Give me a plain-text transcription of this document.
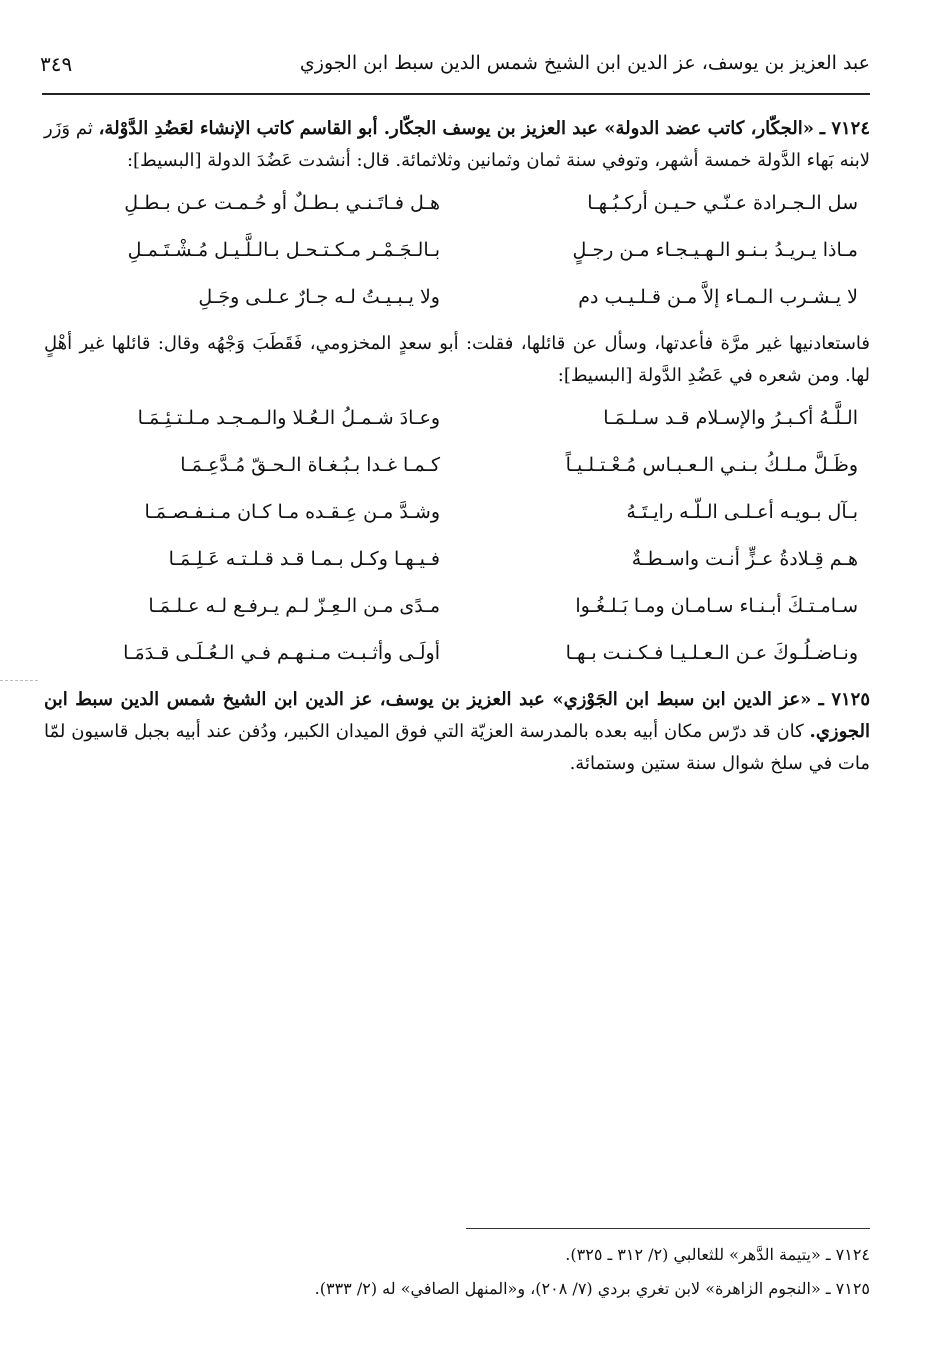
عبد العزيز بن يوسف، عز الدين ابن الشيخ شمس الدين سبط ابن الجوزي
٣٤٩

٧١٢٤ ـ «الجكّار، كاتب عضد الدولة» عبد العزيز بن يوسف الجكّار. أبو القاسم كاتب الإنشاء لعَضُدِ الدَّوْلة، ثم وَزَر لابنه بَهاء الدَّولة خمسة أشهر، وتوفي سنة ثمان وثمانين وثلاثمائة. قال: أنشدت عَضُدَ الدولة [البسيط]:

سل الـجـرادة عـنّـي حـيـن أركـبُـهـا
هـل فـاتَـنـي بـطـلٌ أو حُـمـت عـن بـطـلِ
مـاذا يـريـدُ بـنـو الـهـيـجـاء مـن رجـلٍ
بـالـجَـمْـر مـكـتـحـل بـالـلَّـيـل مُـشْـتَـمـلِ
لا يـشـرب الـمـاء إلاَّ مـن قـلـيـب دم
ولا يـبـيـتُ لـه جـارٌ عـلـى وجَـلِ

فاستعادنيها غير مرَّة فأعدتها، وسأل عن قائلها، فقلت: أبو سعدٍ المخزومي، فَقَطَبَ وَجْهُه وقال: قائلها غير أهْلٍ لها. ومن شعره في عَضُدِ الدَّولة [البسيط]:

الـلَّـهُ أكـبـرُ والإسـلام قـد سـلـمَـا
وعـادَ شـمـلُ الـعُـلا والـمـجـد مـلـتـئِـمَـا
وظَـلَّ مـلـكُ بـنـي الـعـبـاس مُـعْـتـلـيـاً
كـمـا غـدا بـبُـغـاة الـحـقّ مُـدَّعِـمَـا
بـآل بـويـه أعـلـى الـلّـه رايـتَـهُ
وشـدَّ مـن عِـقـده مـا كـان مـنـفـصـمَـا
هـم قِـلادةُ عـزٍّ أنـت واسـطـةٌ
فـيـهـا وكـل بـمـا قـد قـلـتـه عَـلِـمَـا
سـامـتـكَ أبـنـاء سـامـان ومـا بَـلـغُـوا
مـدًى مـن الـعِـزّ لـم يـرفـع لـه عـلـمَـا
ونـاضـلُـوكَ عـن الـعـلـيـا فـكـنـت بـهـا
أولَـى وأثـبـت مـنـهـم فـي الـعُـلَـى قـدَمَـا

٧١٢٥ ـ «عز الدين ابن سبط ابن الجَوْزي» عبد العزيز بن يوسف، عز الدين ابن الشيخ شمس الدين سبط ابن الجوزي. كان قد درّس مكان أبيه بعده بالمدرسة العزيّة التي فوق الميدان الكبير، ودُفن عند أبيه بجبل قاسيون لمّا مات في سلخ شوال سنة ستين وستمائة.

٧١٢٤ ـ «يتيمة الدَّهر» للثعالبي (٢/ ٣١٢ ـ ٣٢٥).
٧١٢٥ ـ «النجوم الزاهرة» لابن تغري بردي (٧/ ٢٠٨)، و«المنهل الصافي» له (٢/ ٣٣٣).
